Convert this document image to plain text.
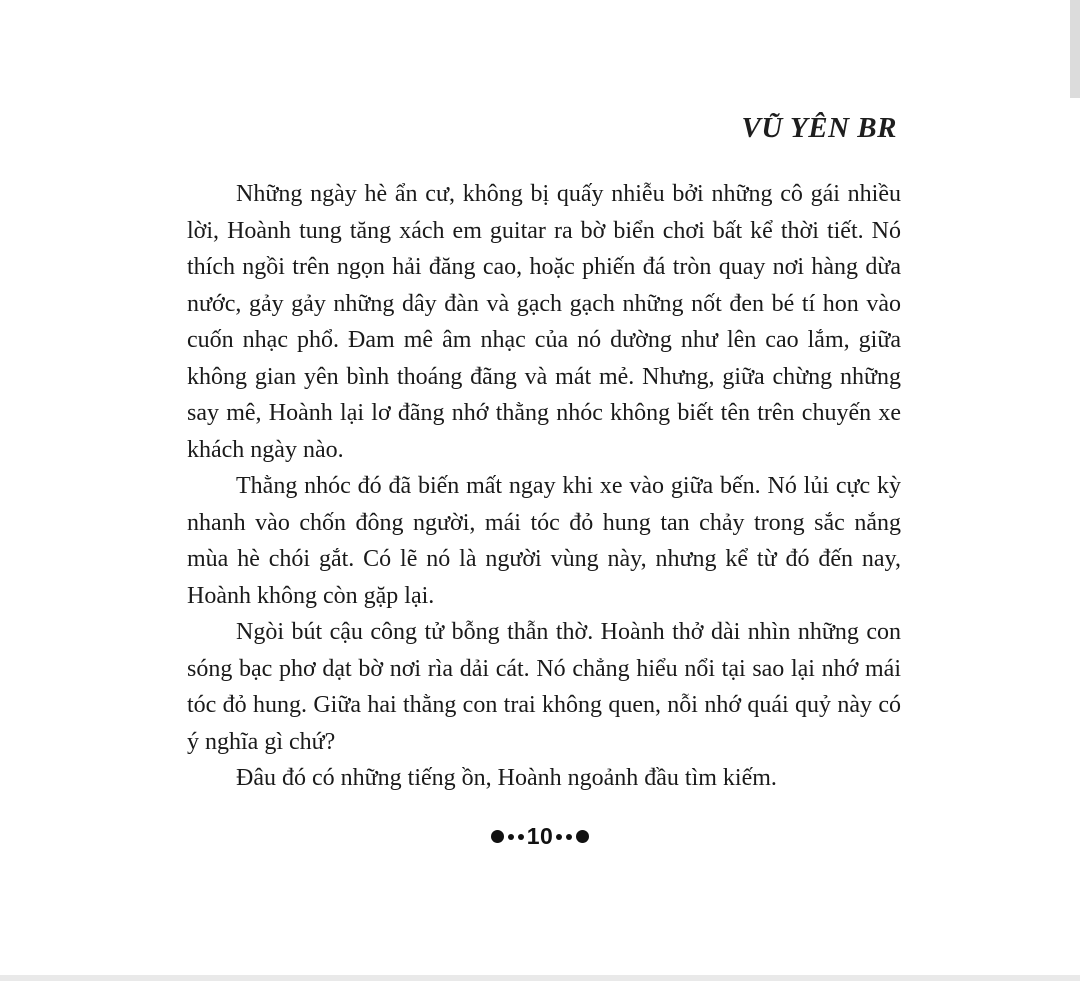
VŨ YÊN BR

Những ngày hè ẩn cư, không bị quấy nhiễu bởi những cô gái nhiều lời, Hoành tung tăng xách em guitar ra bờ biển chơi bất kể thời tiết. Nó thích ngồi trên ngọn hải đăng cao, hoặc phiến đá tròn quay nơi hàng dừa nước, gảy gảy những dây đàn và gạch gạch những nốt đen bé tí hon vào cuốn nhạc phổ. Đam mê âm nhạc của nó dường như lên cao lắm, giữa không gian yên bình thoáng đãng và mát mẻ. Nhưng, giữa chừng những say mê, Hoành lại lơ đãng nhớ thằng nhóc không biết tên trên chuyến xe khách ngày nào.

Thằng nhóc đó đã biến mất ngay khi xe vào giữa bến. Nó lủi cực kỳ nhanh vào chốn đông người, mái tóc đỏ hung tan chảy trong sắc nắng mùa hè chói gắt. Có lẽ nó là người vùng này, nhưng kể từ đó đến nay, Hoành không còn gặp lại.

Ngòi bút cậu công tử bỗng thẫn thờ. Hoành thở dài nhìn những con sóng bạc phơ dạt bờ nơi rìa dải cát. Nó chẳng hiểu nổi tại sao lại nhớ mái tóc đỏ hung. Giữa hai thằng con trai không quen, nỗi nhớ quái quỷ này có ý nghĩa gì chứ?

Đâu đó có những tiếng ồn, Hoành ngoảnh đầu tìm kiếm.

10
